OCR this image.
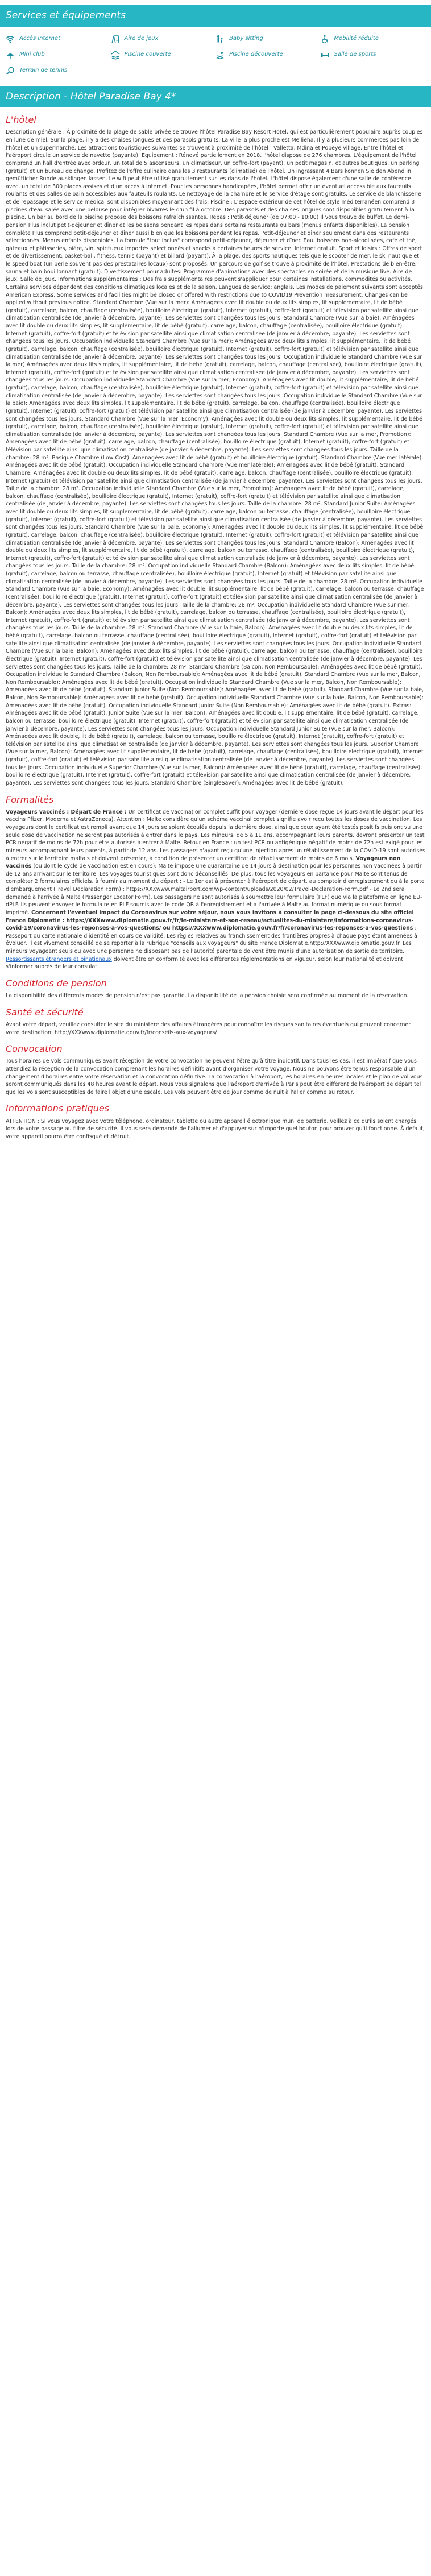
Services et équipements
Accès internet	Aire de jeux	Baby sitting	Mobilité réduite
Mini club	Piscine couverte	Piscine découverte	Salle de sports
Terrain de tennis
Description - Hôtel Paradise Bay 4*
L'hôtel

Description générale : À proximité de la plage de sable privée se trouve l'hôtel Paradise Bay Resort Hotel, qui est particulièrement populaire auprès couples en lune de miel. Sur la plage, il y a des chaises longues et des parasols gratuits. La ville la plus proche est Mellieha. Il y a plusieurs commerces pas loin de l'hôtel et un supermarché. Les attractions touristiques suivantes se trouvent à proximité de l'hôtel : Valletta, Mdina et Popeye village. Entre l'hôtel et l'aéroport circule un service de navette (payante). Équipement : Rénové partiellement en 2018, l'hôtel dispose de 276 chambres. L'équipement de l'hôtel comprend un hall d'entrée avec ordeur, un total de 5 ascenseurs, un climatiseur, un coffre-fort (payant), un petit magasin, et autres boutiques, un parking (gratuit) et un bureau de change. Profitez de l'offre culinaire dans les 3 restaurants (climatisé) de l'hôtel. Un ingrassant 4 Bars konnen Sie den Abend in gemütlicher Runde ausklingen lassen. Le wifi peut être utilisé gratuitement sur les dans de l'hôtel. L'hôtel dispose également d'une salle de conférence avec, un total de 300 places assises et d'un accès à Internet. Pour les personnes handicapées, l'hôtel permet offrir un éventuel accessible aux fauteuils roulants et des salles de bain accessibles aux fauteuils roulants. Le nettoyage de la chambre et le service d'étage sont gratuits. Le service de blanchisserie et de repassage et le service médical sont disponibles moyennant des frais. Piscine : L'espace extérieur de cet hôtel de style méditerranéen comprend 3 piscines d'eau salée avec une pelouse pour intégrer bivarres le d'un fil à octobre. Des parasols et des chaises longues sont disponibles gratuitement à la piscine. Un bar au bord de la piscine propose des boissons rafraîchissantes. Repas : Petit-déjeuner (de 07:00 - 10:00) Il vous trouve de buffet. Le demi-pension Plus inclut petit-déjeuner et dîner et les boissons pendant les repas dans certains restaurants ou bars (menus enfants disponibles). La pension complète Plus comprend petit-déjeuner et dîner aussi bien que les boissons pendant les repas. Petit-déjeuner et dîner seulement dans des restaurants sélectionnés. Menus enfants disponibles. La formule "tout inclus" correspond petit-déjeuner, déjeuner et dîner. Eau, boissons non-alcoolisées, café et thé, gâteaux et pâtisseries, bière, vin, spiritueux importés sélectionnés et snacks à certaines heures de service. Internet gratuit. Sport et loisirs : Offres de sport et de divertissement: basket-ball, fitness, tennis (payant) et billard (payant). À la plage, des sports nautiques tels que le scooter de mer, le ski nautique et le speed boat (un perle souvent pas des prestataires locaux) sont proposés. Un parcours de golf se trouve à proximité de l'hôtel. Prestations de bien-être: sauna et bain bouillonnant (gratuit). Divertissement pour adultes: Programme d'animations avec des spectacles en soirée et de la musique live. Aire de jeux. Salle de jeux. Informations supplémentaires : Des frais supplémentaires peuvent s'appliquer pour certaines installations, commodités ou activités. Certains services dépendent des conditions climatiques locales et de la saison. Langues de service: anglais. Les modes de paiement suivants sont acceptés: American Express. Some services and facilities might be closed or offered with restrictions due to COVID19 Prevention measurement. Changes can be applied without previous notice. Standard Chambre (Vue sur la mer): Aménagées avec lit double ou deux lits simples, lit supplémentaire, lit de bébé (gratuit), carrelage, balcon, chauffage (centralisée), bouilloire électrique (gratuit), Internet (gratuit), coffre-fort (gratuit) et télévision par satellite ainsi que climatisation centralisée (de janvier à décembre, payante). Les serviettes sont changées tous les jours. Standard Chambre (Vue sur la baie): Aménagées avec lit double ou deux lits simples, lit supplémentaire, lit de bébé (gratuit), carrelage, balcon, chauffage (centralisée), bouilloire électrique (gratuit), Internet (gratuit), coffre-fort (gratuit) et télévision par satellite ainsi que climatisation centralisée (de janvier à décembre, payante). Les serviettes sont changées tous les jours. Occupation individuelle Standard Chambre (Vue sur la mer): Aménagées avec deux lits simples, lit supplémentaire, lit de bébé (gratuit), carrelage, balcon, chauffage (centralisée), bouilloire électrique (gratuit), Internet (gratuit), coffre-fort (gratuit) et télévision par satellite ainsi que climatisation centralisée (de janvier à décembre, payante). Les serviettes sont changées tous les jours. Occupation individuelle Standard Chambre (Vue sur la mer) Aménagées avec deux lits simples, lit supplémentaire, lit de bébé (gratuit), carrelage, balcon, chauffage (centralisée), bouilloire électrique (gratuit), Internet (gratuit), coffre-fort (gratuit) et télévision par satellite ainsi que climatisation centralisée (de janvier à décembre, payante). Les serviettes sont changées tous les jours. Occupation individuelle Standard Chambre (Vue sur la mer, Economy): Aménagées avec lit double, lit supplémentaire, lit de bébé (gratuit), carrelage, balcon, chauffage (centralisée), bouilloire électrique (gratuit), Internet (gratuit), coffre-fort (gratuit) et télévision par satellite ainsi que climatisation centralisée (de janvier à décembre, payante). Les serviettes sont changées tous les jours. Occupation individuelle Standard Chambre (Vue sur la baie): Aménagées avec deux lits simples, lit supplémentaire, lit de bébé (gratuit), carrelage, balcon, chauffage (centralisée), bouilloire électrique (gratuit), Internet (gratuit), coffre-fort (gratuit) et télévision par satellite ainsi que climatisation centralisée (de janvier à décembre, payante). Les serviettes sont changées tous les jours. Standard Chambre (Vue sur la mer, Economy): Aménagées avec lit double ou deux lits simples, lit supplémentaire, lit de bébé (gratuit), carrelage, balcon, chauffage (centralisée), bouilloire électrique (gratuit), Internet (gratuit), coffre-fort (gratuit) et télévision par satellite ainsi que climatisation centralisée (de janvier à décembre, payante). Les serviettes sont changées tous les jours. Standard Chambre (Vue sur la mer, Promotion): Aménagées avec lit de bébé (gratuit), carrelage, balcon, chauffage (centralisée), bouilloire électrique (gratuit), Internet (gratuit), coffre-fort (gratuit) et télévision par satellite ainsi que climatisation centralisée (de janvier à décembre, payante). Les serviettes sont changées tous les jours. Taille de la chambre: 28 m². Basique Chambre (Low Cost): Aménagées avec lit de bébé (gratuit) et bouilloire électrique (gratuit). Standard Chambre (Vue mer latérale): Aménagées avec lit de bébé (gratuit). Occupation individuelle Standard Chambre (Vue mer latérale): Aménagées avec lit de bébé (gratuit). Standard Chambre: Aménagées avec lit double ou deux lits simples, lit de bébé (gratuit), carrelage, balcon, chauffage (centralisée), bouilloire électrique (gratuit), Internet (gratuit) et télévision par satellite ainsi que climatisation centralisée (de janvier à décembre, payante). Les serviettes sont changées tous les jours. Taille de la chambre: 28 m². Occupation individuelle Standard Chambre (Vue sur la mer, Promotion): Aménagées avec lit de bébé (gratuit), carrelage, balcon, chauffage (centralisée), bouilloire électrique (gratuit), Internet (gratuit), coffre-fort (gratuit) et télévision par satellite ainsi que climatisation centralisée (de janvier à décembre, payante). Les serviettes sont changées tous les jours. Taille de la chambre: 28 m². Standard Junior Suite: Aménagées avec lit double ou deux lits simples, lit supplémentaire, lit de bébé (gratuit), carrelage, balcon ou terrasse, chauffage (centralisée), bouilloire électrique (gratuit), Internet (gratuit), coffre-fort (gratuit) et télévision par satellite ainsi que climatisation centralisée (de janvier à décembre, payante). Les serviettes sont changées tous les jours. Standard Chambre (Vue sur la baie, Economy): Aménagées avec lit double ou deux lits simples, lit supplémentaire, lit de bébé (gratuit), carrelage, balcon, chauffage (centralisée), bouilloire électrique (gratuit), Internet (gratuit), coffre-fort (gratuit) et télévision par satellite ainsi que climatisation centralisée (de janvier à décembre, payante). Les serviettes sont changées tous les jours. Standard Chambre (Balcon): Aménagées avec lit double ou deux lits simples, lit supplémentaire, lit de bébé (gratuit), carrelage, balcon ou terrasse, chauffage (centralisée), bouilloire électrique (gratuit), Internet (gratuit), coffre-fort (gratuit) et télévision par satellite ainsi que climatisation centralisée (de janvier à décembre, payante). Les serviettes sont changées tous les jours. Taille de la chambre: 28 m². Occupation individuelle Standard Chambre (Balcon): Aménagées avec deux lits simples, lit de bébé (gratuit), carrelage, balcon ou terrasse, chauffage (centralisée), bouilloire électrique (gratuit), Internet (gratuit) et télévision par satellite ainsi que climatisation centralisée (de janvier à décembre, payante). Les serviettes sont changées tous les jours. Taille de la chambre: 28 m². Occupation individuelle Standard Chambre (Vue sur la baie, Economy): Aménagées avec lit double, lit supplémentaire, lit de bébé (gratuit), carrelage, balcon ou terrasse, chauffage (centralisée), bouilloire électrique (gratuit), Internet (gratuit), coffre-fort (gratuit) et télévision par satellite ainsi que climatisation centralisée (de janvier à décembre, payante). Les serviettes sont changées tous les jours. Taille de la chambre: 28 m². Occupation individuelle Standard Chambre (Vue sur mer, Balcon): Aménagées avec deux lits simples, lit de bébé (gratuit), carrelage, balcon ou terrasse, chauffage (centralisée), bouilloire électrique (gratuit), Internet (gratuit), coffre-fort (gratuit) et télévision par satellite ainsi que climatisation centralisée (de janvier à décembre, payante). Les serviettes sont changées tous les jours. Taille de la chambre: 28 m². Standard Chambre (Vue sur la baie, Balcon): Aménagées avec lit double ou deux lits simples, lit de bébé (gratuit), carrelage, balcon ou terrasse, chauffage (centralisée), bouilloire électrique (gratuit), Internet (gratuit), coffre-fort (gratuit) et télévision par satellite ainsi que climatisation centralisée (de janvier à décembre, payante). Les serviettes sont changées tous les jours. Occupation individuelle Standard Chambre (Vue sur la baie, Balcon): Aménagées avec deux lits simples, lit de bébé (gratuit), carrelage, balcon ou terrasse, chauffage (centralisée), bouilloire électrique (gratuit), Internet (gratuit), coffre-fort (gratuit) et télévision par satellite ainsi que climatisation centralisée (de janvier à décembre, payante). Les serviettes sont changées tous les jours. Taille de la chambre: 28 m². Standard Chambre (Balcon, Non Remboursable): Aménagées avec lit de bébé (gratuit). Occupation individuelle Standard Chambre (Balcon, Non Remboursable): Aménagées avec lit de bébé (gratuit). Standard Chambre (Vue sur la mer, Balcon, Non Remboursable): Aménagées avec lit de bébé (gratuit). Occupation individuelle Standard Chambre (Vue sur la mer, Balcon, Non Remboursable): Aménagées avec lit de bébé (gratuit). Standard Junior Suite (Non Remboursable): Aménagées avec lit de bébé (gratuit). Standard Chambre (Vue sur la baie, Balcon, Non Remboursable): Aménagées avec lit de bébé (gratuit). Occupation individuelle Standard Chambre (Vue sur la baie, Balcon, Non Remboursable): Aménagées avec lit de bébé (gratuit). Occupation individuelle Standard Junior Suite (Non Remboursable): Aménagées avec lit de bébé (gratuit). Extras: Aménagées avec lit de bébé (gratuit). Junior Suite (Vue sur la mer, Balcon): Aménagées avec lit double, lit supplémentaire, lit de bébé (gratuit), carrelage, balcon ou terrasse, bouilloire électrique (gratuit), Internet (gratuit), coffre-fort (gratuit) et télévision par satellite ainsi que climatisation centralisée (de janvier à décembre, payante). Les serviettes sont changées tous les jours. Occupation individuelle Standard Junior Suite (Vue sur la mer, Balcon): Aménagées avec lit double, lit de bébé (gratuit), carrelage, balcon ou terrasse, bouilloire électrique (gratuit), Internet (gratuit), coffre-fort (gratuit) et télévision par satellite ainsi que climatisation centralisée (de janvier à décembre, payante). Les serviettes sont changées tous les jours. Superior Chambre (Vue sur la mer, Balcon): Aménagées avec lit supplémentaire, lit de bébé (gratuit), carrelage, chauffage (centralisée), bouilloire électrique (gratuit), Internet (gratuit), coffre-fort (gratuit) et télévision par satellite ainsi que climatisation centralisée (de janvier à décembre, payante). Les serviettes sont changées tous les jours. Occupation individuelle Superior Chambre (Vue sur la mer, Balcon): Aménagées avec lit de bébé (gratuit), carrelage, chauffage (centralisée), bouilloire électrique (gratuit), Internet (gratuit), coffre-fort (gratuit) et télévision par satellite ainsi que climatisation centralisée (de janvier à décembre, payante). Les serviettes sont changées tous les jours. Standard Chambre (SingleSaver): Aménagées avec lit de bébé (gratuit).

Formalités

Voyageurs vaccinés : Départ de France : Un certificat de vaccination complet suffit pour voyager (dernière dose reçue 14 jours avant le départ pour les vaccins Pfizer, Moderna et AstraZeneca). Attention : Malte considère qu'un schéma vaccinal complet signifie avoir reçu toutes les doses de vaccination. Les voyageurs dont le certificat est rempli avant que 14 jours se soient écoulés depuis la dernière dose, ainsi que ceux ayant été testés positifs puis ont vu une seule dose de vaccination ne seront pas autorisés à entrer dans le pays. Les mineurs, de 5 à 11 ans, accompagnant leurs parents, devront présenter un test PCR négatif de moins de 72h pour être autorisés à entrer à Malte. Retour en France : un test PCR ou antigénique négatif de moins de 72h est exigé pour les mineurs accompagnant leurs parents, à partir de 12 ans. Les passagers n'ayant reçu qu'une injection après un rétablissement de la COVID-19 sont autorisés à entrer sur le territoire maltais et doivent présenter, à condition de présenter un certificat de rétablissement de moins de 6 mois. Voyageurs non vaccinés (ou dont le cycle de vaccination est en cours): Malte impose une quarantaine de 14 jours à destination pour les personnes non vaccinées à partir de 12 ans arrivant sur le territoire. Les voyages touristiques sont donc déconseillés. De plus, tous les voyageurs en partance pour Malte sont tenus de compléter 2 formulaires officiels, à fournir au moment du départ : - Le 1er est à présenter à l'aéroport de départ, au comptoir d'enregistrement ou à la porte d'embarquement (Travel Declaration Form) : https://XXXwww.maltairport.com/wp-content/uploads/2020/02/Travel-Declaration-Form.pdf - Le 2nd sera demandé à l'arrivée à Malte (Passenger Locator Form). Les passagers ne sont autorisés à soumettre leur formulaire (PLF) que via la plateforme en ligne EU-dPLF. Ils peuvent envoyer le formulaire en PLF soumis avec le code QR à l'enregistrement et à l'arrivée à Malte au format numérique ou sous format imprimé. Concernant l'éventuel impact du Coronavirus sur votre séjour, nous vous invitons à consulter la page ci-dessous du site officiel France Diplomatie : https://XXXwww.diplomatie.gouv.fr/fr/le-ministere-et-son-reseau/actualites-du-ministere/informations-coronavirus-covid-19/coronavirus-les-reponses-a-vos-questions/ ou https://XXXwww.diplomatie.gouv.fr/fr/coronavirus-les-reponses-a-vos-questions : Passeport ou carte nationale d'identité en cours de validité. Les règles relatives au franchissement des frontières propres à chaque pays étant amenées à évoluer, il est vivement conseillé de se reporter à la rubrique "conseils aux voyageurs" du site France Diplomatie,http://XXXwww.diplomatie.gouv.fr. Les mineurs voyageant seuls ou avec une personne ne disposant pas de l'autorité parentale doivent être munis d'une autorisation de sortie de territoire. Ressortissants étrangers et binationaux doivent être en conformité avec les différentes réglementations en vigueur, selon leur nationalité et doivent s'informer auprès de leur consulat.

Conditions de pension

La disponibilité des différents modes de pension n'est pas garantie. La disponibilité de la pension choisie sera confirmée au moment de la réservation.

Santé et sécurité

Avant votre départ, veuillez consulter le site du ministère des affaires étrangères pour connaître les risques sanitaires éventuels qui peuvent concerner votre destination: http://XXXwww.diplomatie.gouv.fr/fr/conseils-aux-voyageurs/

Convocation

Tous horaires de vols communiqués avant réception de votre convocation ne peuvent l'être qu'à titre indicatif. Dans tous les cas, il est impératif que vous attendiez la réception de la convocation comprenant les horaires définitifs avant d'organiser votre voyage. Nous ne pouvons être tenus responsable d'un changement d'horaires entre votre réservation et la convocation définitive. La convocation à l'aéroport, les horaires en heures locales et le plan de vol vous seront communiqués dans les 48 heures avant le départ. Nous vous signalons que l'aéroport d'arrivée à Paris peut être différent de l'aéroport de départ tel que les vols sont susceptibles de faire l'objet d'une escale. Les vols peuvent être de jour comme de nuit à l'aller comme au retour.

Informations pratiques

ATTENTION : Si vous voyagez avec votre téléphone, ordinateur, tablette ou autre appareil électronique muni de batterie, veillez à ce qu'ils soient chargés lors de votre passage au filtre de sécurité. Il vous sera demandé de l'allumer et d'appuyer sur n'importe quel bouton pour prouver qu'il fonctionne. À défaut, votre appareil pourra être confisqué et détruit.
